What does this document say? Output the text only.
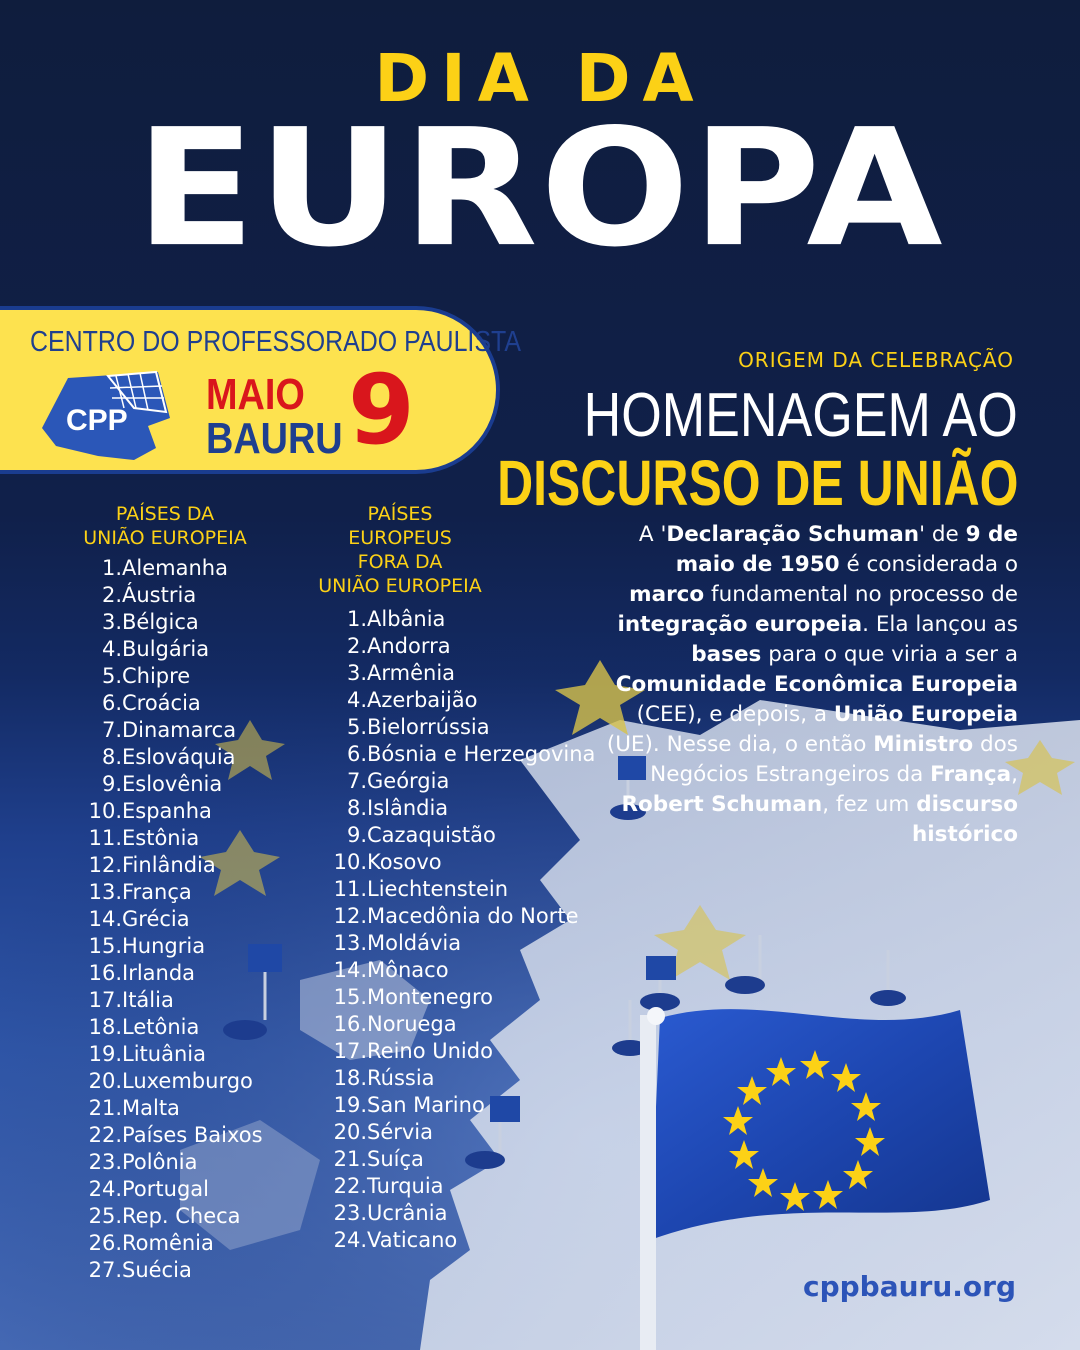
DIA DA
EUROPA
CENTRO DO PROFESSORADO PAULISTA
CPP
MAIO
BAURU 9	ORIGEM DA CELEBRAÇÃO
HOMENAGEM AO
DISCURSO DE UNIÃO
A 'Declaração Schuman' de 9 de maio de 1950 é considerada o marco fundamental no processo de integração europeia. Ela lançou as bases para o que viria a ser a Comunidade Econômica Europeia (CEE), e depois, a União Europeia (UE). Nesse dia, o então Ministro dos Negócios Estrangeiros da França, Robert Schuman, fez um discurso histórico
PAÍSES DA
UNIÃO EUROPEIA
1.Alemanha
2.Áustria
3.Bélgica
4.Bulgária
5.Chipre
6.Croácia
7.Dinamarca
8.Eslováquia
9.Eslovênia
10.Espanha
11.Estônia
12.Finlândia
13.França
14.Grécia
15.Hungria
16.Irlanda
17.Itália
18.Letônia
19.Lituânia
20.Luxemburgo
21.Malta
22.Países Baixos
23.Polônia
24.Portugal
25.Rep. Checa
26.Romênia
27.Suécia
PAÍSES
EUROPEUS
FORA DA
UNIÃO EUROPEIA
1.Albânia
2.Andorra
3.Armênia
4.Azerbaijão
5.Bielorrússia
6.Bósnia e Herzegovina
7.Geórgia
8.Islândia
9.Cazaquistão
10.Kosovo
11.Liechtenstein
12.Macedônia do Norte
13.Moldávia
14.Mônaco
15.Montenegro
16.Noruega
17.Reino Unido
18.Rússia
19.San Marino
20.Sérvia
21.Suíça
22.Turquia
23.Ucrânia
24.Vaticano
cppbauru.org
